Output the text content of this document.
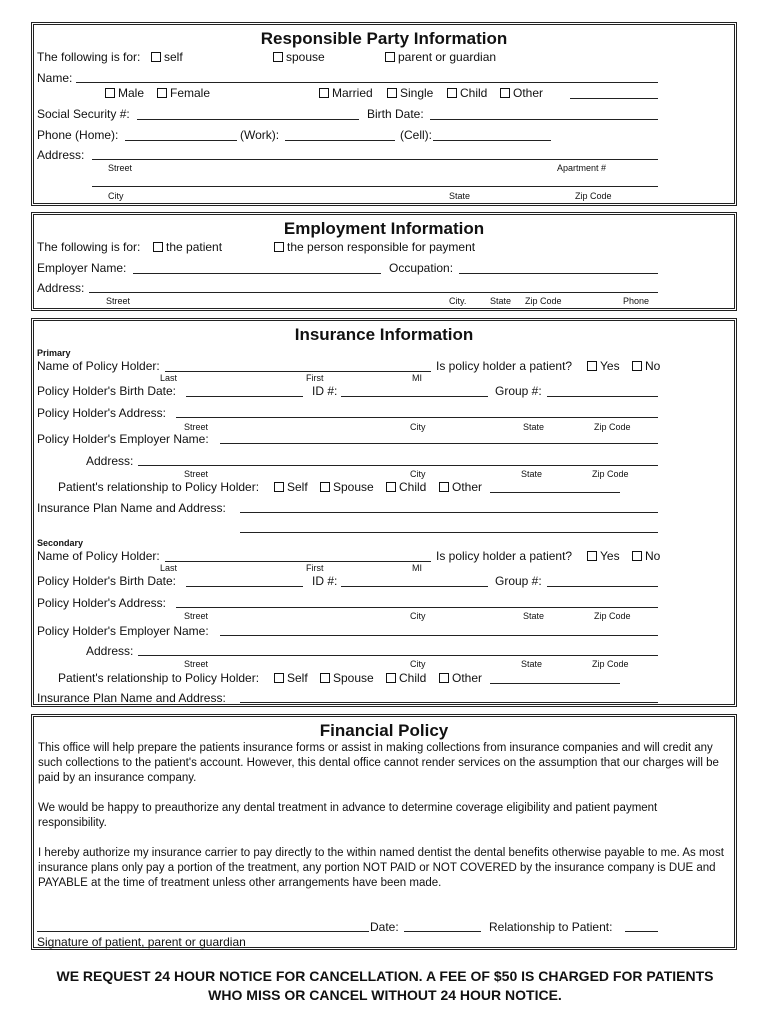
Responsible Party Information
The following is for:	self	spouse	parent or guardian
Name:
Male	Female	Married	Single	Child	Other
Social Security #:	Birth Date:
Phone (Home):	(Work):	(Cell):
Address:
Street	Apartment #
City	State	Zip Code
Employment Information
The following is for:	the patient	the person responsible for payment
Employer Name:	Occupation:
Address:
Street	City.	State Zip Code	Phone
Insurance Information
Primary
Name of Policy Holder:	Is policy holder a patient?	Yes	No
Last	First	MI
Policy Holder's Birth Date:	ID #:	Group #:
Policy Holder's Address:
Street	City	State	Zip Code
Policy Holder's Employer Name:
Address:
Street	City	State	Zip Code
Patient's relationship to Policy Holder:	Self	Spouse	Child	Other
Insurance Plan Name and Address:
Secondary
Name of Policy Holder:	Is policy holder a patient?	Yes	No
Last	First	MI
Policy Holder's Birth Date:	ID #:	Group #:
Policy Holder's Address:
Street	City	State	Zip Code
Policy Holder's Employer Name:
Address:
Street	City	State	Zip Code
Patient's relationship to Policy Holder:	Self	Spouse	Child	Other
Insurance Plan Name and Address:
Financial Policy
This office will help prepare the patients insurance forms or assist in making collections from insurance companies and will credit any such collections to the patient's account. However, this dental office cannot render services on the assumption that our charges will be paid by an insurance company.
We would be happy to preauthorize any dental treatment in advance to determine coverage eligibility and patient payment responsibility.
I hereby authorize my insurance carrier to pay directly to the within named dentist the dental benefits otherwise payable to me. As most insurance plans only pay a portion of the treatment, any portion NOT PAID or NOT COVERED by the insurance company is DUE and PAYABLE at the time of treatment unless other arrangements have been made.
Date:	Relationship to Patient:
Signature of patient, parent or guardian
WE REQUEST 24 HOUR NOTICE FOR CANCELLATION. A FEE OF $50 IS CHARGED FOR PATIENTS WHO MISS OR CANCEL WITHOUT 24 HOUR NOTICE.
